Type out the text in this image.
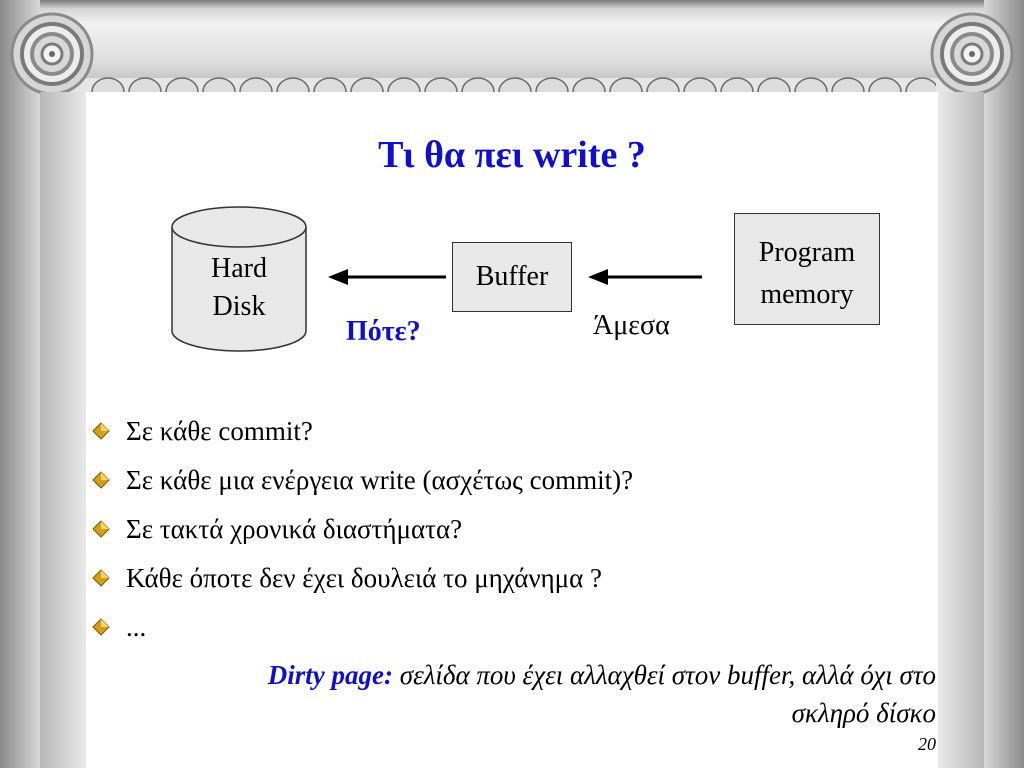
Τι θα πει write ?
Hard
Disk
Buffer
Program
memory
Πότε?	Άμεσα
Σε κάθε commit?
Σε κάθε μια ενέργεια write (ασχέτως commit)?
Σε τακτά χρονικά διαστήματα?
Κάθε όποτε δεν έχει δουλειά το μηχάνημα ?
...
Dirty page: σελίδα που έχει αλλαχθεί στον buffer, αλλά όχι στο
σκληρό δίσκο
20
